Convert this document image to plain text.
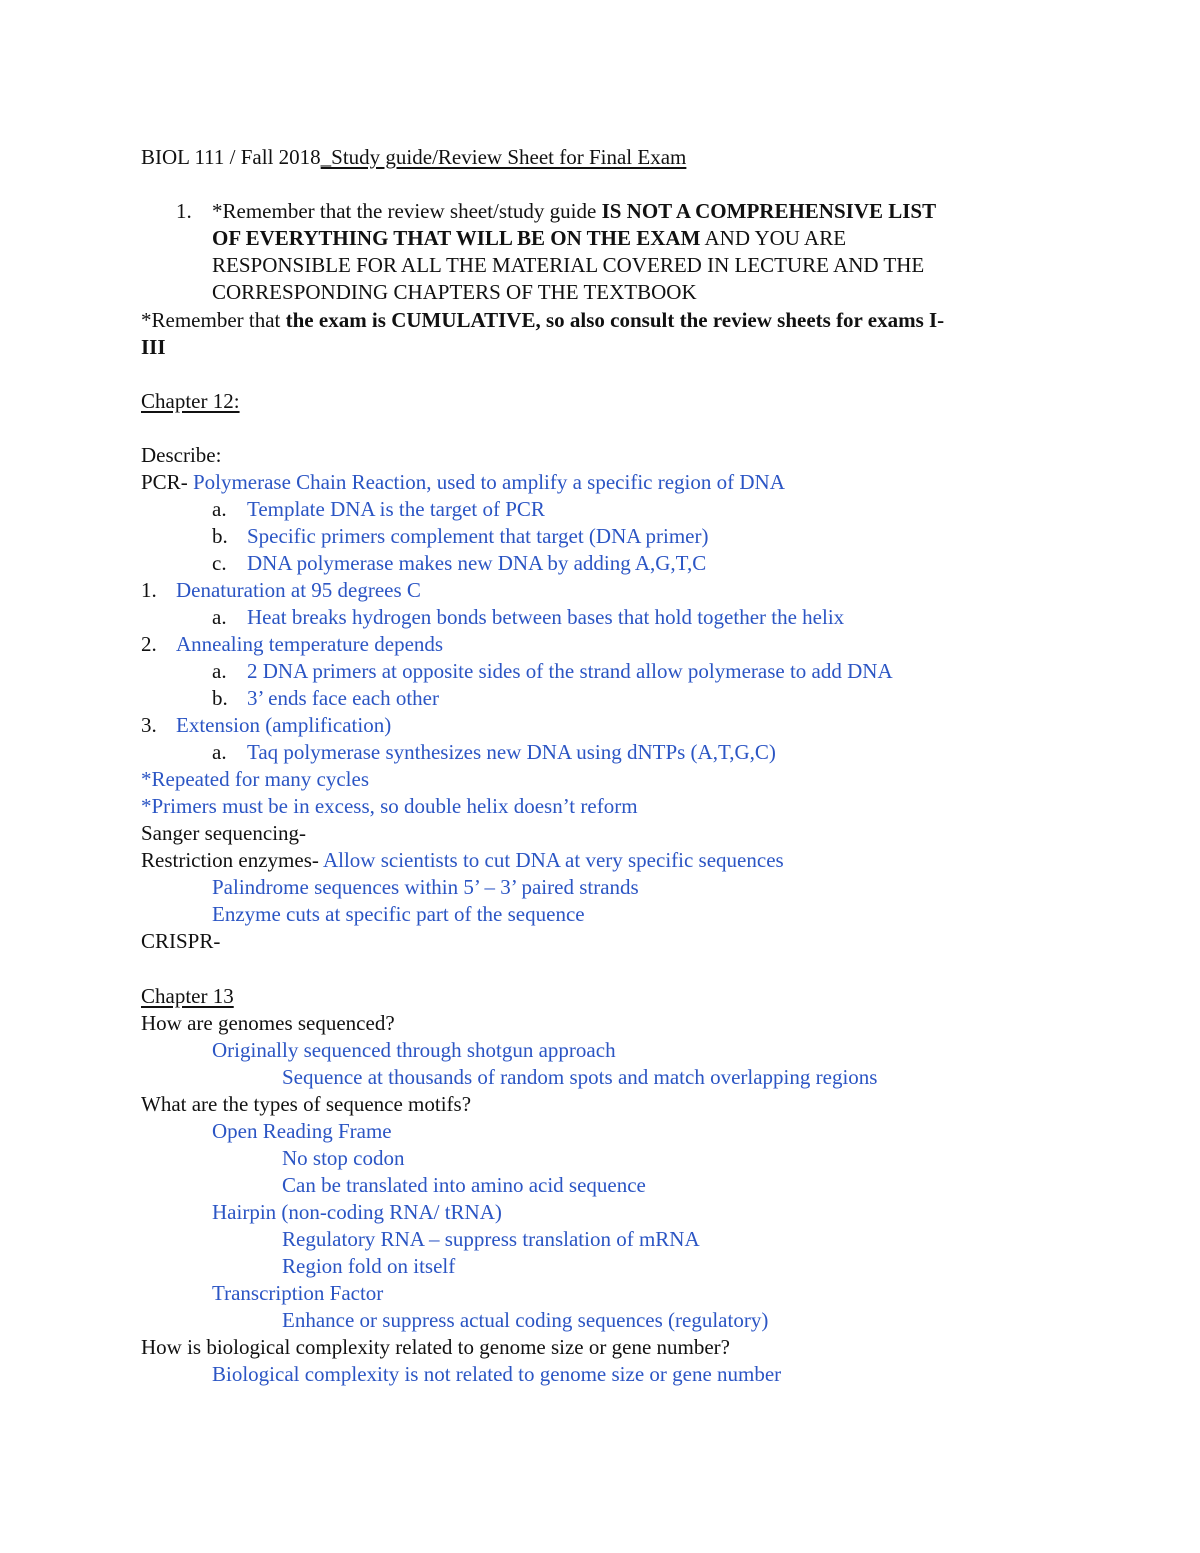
BIOL 111 / Fall 2018_Study guide/Review Sheet for Final Exam
1. *Remember that the review sheet/study guide IS NOT A COMPREHENSIVE LIST
OF EVERYTHING THAT WILL BE ON THE EXAM AND YOU ARE
RESPONSIBLE FOR ALL THE MATERIAL COVERED IN LECTURE AND THE
CORRESPONDING CHAPTERS OF THE TEXTBOOK
*Remember that the exam is CUMULATIVE, so also consult the review sheets for exams I-
III
Chapter 12:
Describe:
PCR- Polymerase Chain Reaction, used to amplify a specific region of DNA
a. Template DNA is the target of PCR
b. Specific primers complement that target (DNA primer)
c. DNA polymerase makes new DNA by adding A,G,T,C
1. Denaturation at 95 degrees C
a. Heat breaks hydrogen bonds between bases that hold together the helix
2. Annealing temperature depends
a. 2 DNA primers at opposite sides of the strand allow polymerase to add DNA
b. 3’ ends face each other
3. Extension (amplification)
a. Taq polymerase synthesizes new DNA using dNTPs (A,T,G,C)
*Repeated for many cycles
*Primers must be in excess, so double helix doesn’t reform
Sanger sequencing-
Restriction enzymes- Allow scientists to cut DNA at very specific sequences
Palindrome sequences within 5’ – 3’ paired strands
Enzyme cuts at specific part of the sequence
CRISPR-
Chapter 13
How are genomes sequenced?
Originally sequenced through shotgun approach
Sequence at thousands of random spots and match overlapping regions
What are the types of sequence motifs?
Open Reading Frame
No stop codon
Can be translated into amino acid sequence
Hairpin (non-coding RNA/ tRNA)
Regulatory RNA – suppress translation of mRNA
Region fold on itself
Transcription Factor
Enhance or suppress actual coding sequences (regulatory)
How is biological complexity related to genome size or gene number?
Biological complexity is not related to genome size or gene number
